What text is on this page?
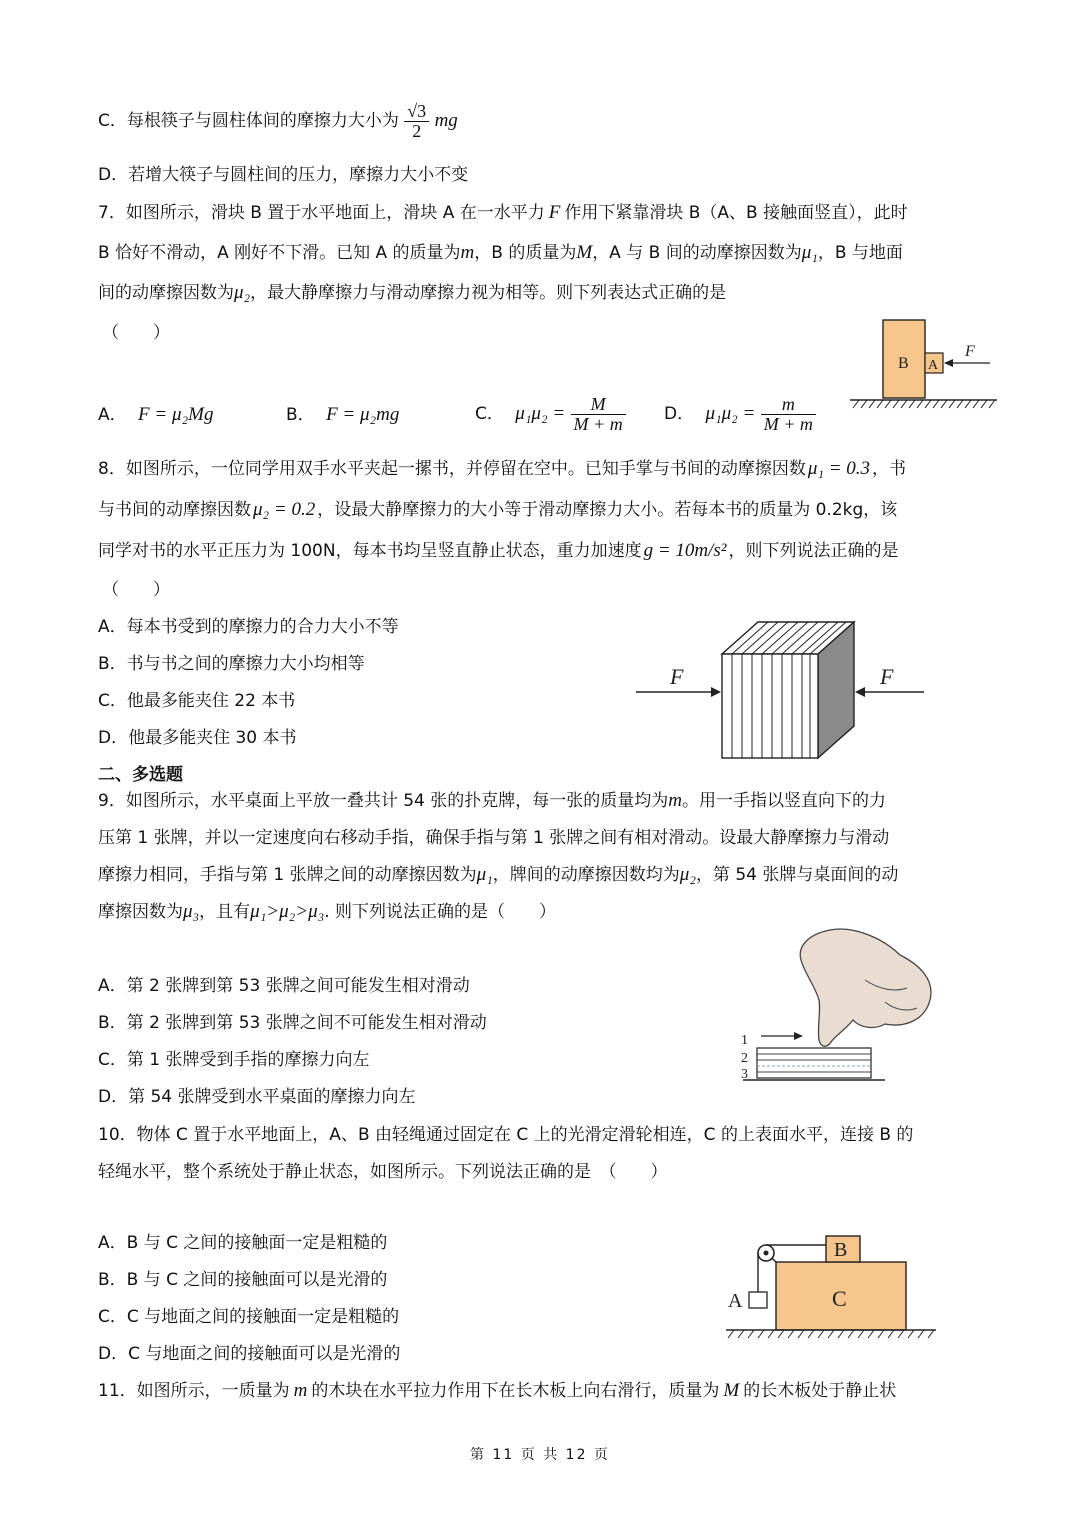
C．每根筷子与圆柱体间的摩擦力大小为 $\frac{√3}{2}$ mg
D．若增大筷子与圆柱间的压力，摩擦力大小不变
7．如图所示，滑块 B 置于水平地面上，滑块 A 在一水平力 F 作用下紧靠滑块 B（A、B 接触面竖直），此时
B 恰好不滑动，A 刚好不下滑。已知 A 的质量为m，B 的质量为M，A 与 B 间的动摩擦因数为μ₁，B 与地面
间的动摩擦因数为μ₂，最大静摩擦力与滑动摩擦力视为相等。则下列表达式正确的是
（　　）
B A
F
A． F = μ₂Mg	B． F = μ₂mg	C． $\mu_1\mu_2 = \frac{M}{M + m}$ D． $\mu_1\mu_2 = \frac{m}{M + m}$
8．如图所示，一位同学用双手水平夹起一摞书，并停留在空中。已知手掌与书间的动摩擦因数 μ₁ = 0.3 ，书
与书间的动摩擦因数 μ₂ = 0.2 ，设最大静摩擦力的大小等于滑动摩擦力大小。若每本书的质量为 0.2kg，该
同学对书的水平正压力为 100N，每本书均呈竖直静止状态，重力加速度 g = 10m/s² ，则下列说法正确的是
（　　）
A．每本书受到的摩擦力的合力大小不等
B．书与书之间的摩擦力大小均相等
C．他最多能夹住 22 本书
D．他最多能夹住 30 本书
F	F
二、多选题
9．如图所示，水平桌面上平放一叠共计 54 张的扑克牌，每一张的质量均为m。用一手指以竖直向下的力
压第 1 张牌，并以一定速度向右移动手指，确保手指与第 1 张牌之间有相对滑动。设最大静摩擦力与滑动
摩擦力相同，手指与第 1 张牌之间的动摩擦因数为μ₁，牌间的动摩擦因数均为μ₂，第 54 张牌与桌面间的动
摩擦因数为μ₃，且有μ₁>μ₂>μ₃. 则下列说法正确的是（　　）
A．第 2 张牌到第 53 张牌之间可能发生相对滑动
B．第 2 张牌到第 53 张牌之间不可能发生相对滑动
C．第 1 张牌受到手指的摩擦力向左
D．第 54 张牌受到水平桌面的摩擦力向左
1
2
3
10．物体 C 置于水平地面上，A、B 由轻绳通过固定在 C 上的光滑定滑轮相连，C 的上表面水平，连接 B 的
轻绳水平，整个系统处于静止状态，如图所示。下列说法正确的是　（　　）
A．B 与 C 之间的接触面一定是粗糙的
B．B 与 C 之间的接触面可以是光滑的
C．C 与地面之间的接触面一定是粗糙的
D．C 与地面之间的接触面可以是光滑的
C
B
A
11．如图所示，一质量为 m 的木块在水平拉力作用下在长木板上向右滑行，质量为 M 的长木板处于静止状
第 11 页 共 12 页
